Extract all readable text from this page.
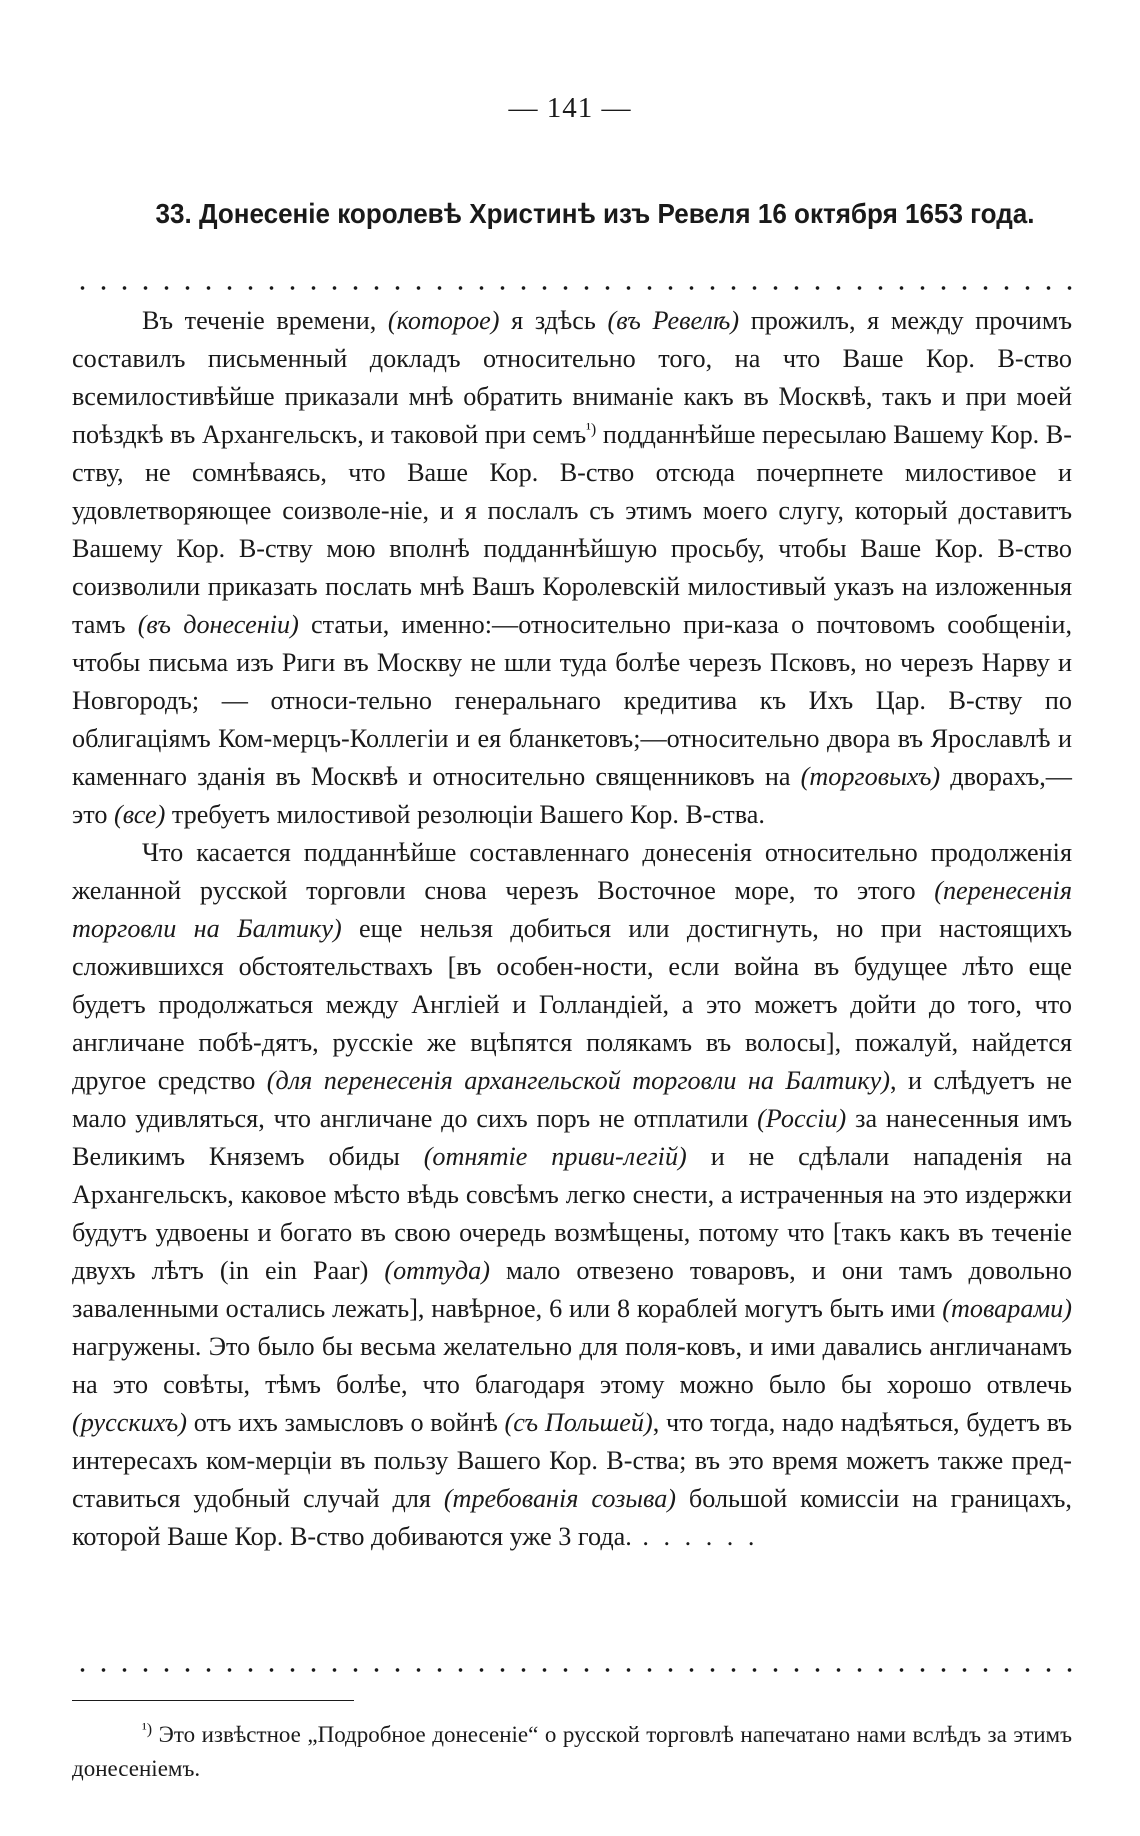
— 141 —
33. Донесеніе королевѣ Христинѣ изъ Ревеля 16 октября 1653 года.

Въ теченіе времени, (которое) я здѣсь (въ Ревелѣ) прожилъ, я между прочимъ составилъ письменный докладъ относительно того, на что Ваше Кор. В-ство всемилостивѣйше приказали мнѣ обратить вниманіе какъ въ Москвѣ, такъ и при моей поѣздкѣ въ Архангельскъ, и таковой при семъ$^{^1)}$ подданнѣйше пересылаю Вашему Кор. В-ству, не сомнѣваясь, что Ваше Кор. В-ство отсюда почерпнете милостивое и удовлетворяющее соизволе-ніе, и я послалъ съ этимъ моего слугу, который доставитъ Вашему Кор. В-ству мою вполнѣ подданнѣйшую просьбу, чтобы Ваше Кор. В-ство соизволили приказать послать мнѣ Вашъ Королевскій милостивый указъ на изложенныя тамъ (въ донесеніи) статьи, именно:—относительно при-каза о почтовомъ сообщеніи, чтобы письма изъ Риги въ Москву не шли туда болѣе черезъ Псковъ, но черезъ Нарву и Новгородъ; — относи-тельно генеральнаго кредитива къ Ихъ Цар. В-ству по облигаціямъ Ком-мерцъ-Коллегіи и ея бланкетовъ;—относительно двора въ Ярославлѣ и каменнаго зданія въ Москвѣ и относительно священниковъ на (торговыхъ) дворахъ,—это (все) требуетъ милостивой резолюціи Вашего Кор. В-ства.

Что касается подданнѣйше составленнаго донесенія относительно продолженія желанной русской торговли снова черезъ Восточное море, то этого (перенесенія торговли на Балтику) еще нельзя добиться или достигнуть, но при настоящихъ сложившихся обстоятельствахъ [въ особен-ности, если война въ будущее лѣто еще будетъ продолжаться между Англіей и Голландіей, а это можетъ дойти до того, что англичане побѣ-дятъ, русскіе же вцѣпятся полякамъ въ волосы], пожалуй, найдется другое средство (для перенесенія архангельской торговли на Балтику), и слѣдуетъ не мало удивляться, что англичане до сихъ поръ не отплатили (Россіи) за нанесенныя имъ Великимъ Княземъ обиды (отнятіе приви-легій) и не сдѣлали нападенія на Архангельскъ, каковое мѣсто вѣдь совсѣмъ легко снести, а истраченныя на это издержки будутъ удвоены и богато въ свою очередь возмѣщены, потому что [такъ какъ въ теченіе двухъ лѣтъ (in ein Paar) (оттуда) мало отвезено товаровъ, и они тамъ довольно заваленными остались лежать], навѣрное, 6 или 8 кораблей могутъ быть ими (товарами) нагружены. Это было бы весьма желательно для поля-ковъ, и ими давались англичанамъ на это совѣты, тѣмъ болѣе, что благодаря этому можно было бы хорошо отвлечь (русскихъ) отъ ихъ замысловъ о войнѣ (съ Польшей), что тогда, надо надѣяться, будетъ въ интересахъ ком-мерціи въ пользу Вашего Кор. В-ства; въ это время можетъ также пред-ставиться удобный случай для (требованія созыва) большой комиссіи на границахъ, которой Ваше Кор. В-ство добиваются уже 3 года. . . . . . .

$^{^1)}$ Это извѣстное „Подробное донесеніе“ о русской торговлѣ напечатано нами вслѣдъ за этимъ донесеніемъ.
